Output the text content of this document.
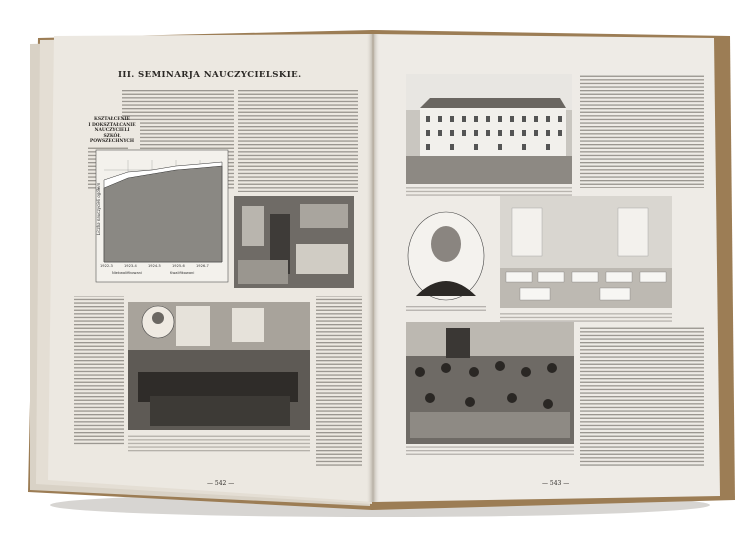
III. SEMINARJA NAUCZYCIELSKIE.
KSZTAŁCENIE
I DOKSZTAŁCANIE
NAUCZYCIELI
SZKÓŁ
POWSZECHNYCH
Liczba nauczycieli ogółem
1922-3	1923-4	1924-5	1925-6	1926-7
Niekwalifikowani	Kwalifikowani
— 542 —	— 543 —
